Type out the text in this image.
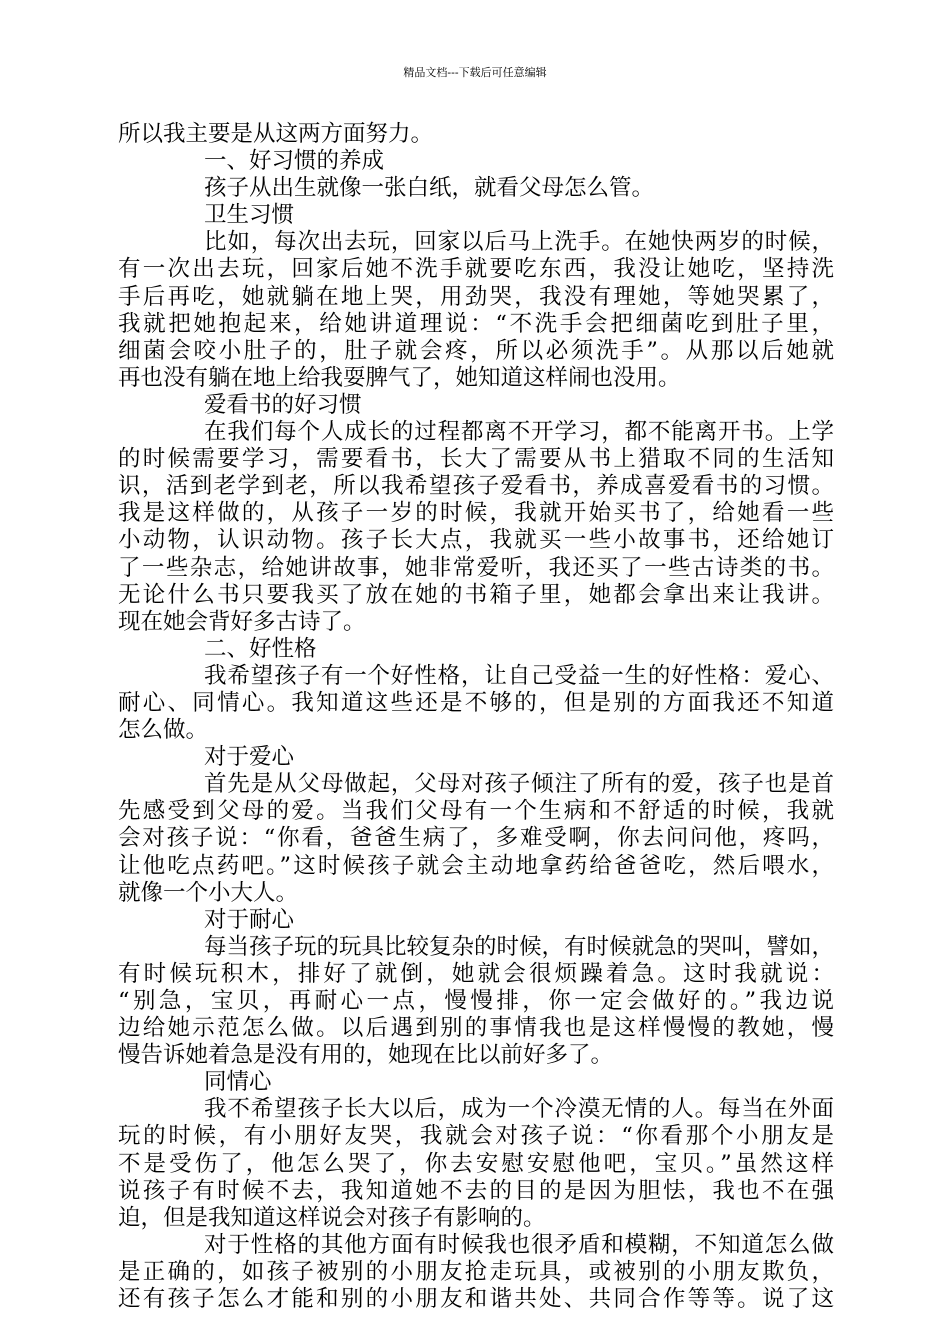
精品文档---下载后可任意编辑
所以我主要是从这两方面努力。
一、好习惯的养成
孩子从出生就像一张白纸，就看父母怎么管。
卫生习惯
比如，每次出去玩，回家以后马上洗手。在她快两岁的时候，
有一次出去玩，回家后她不洗手就要吃东西，我没让她吃，坚持洗
手后再吃，她就躺在地上哭，用劲哭，我没有理她，等她哭累了，
我就把她抱起来，给她讲道理说：“不洗手会把细菌吃到肚子里，
细菌会咬小肚子的，肚子就会疼，所以必须洗手”。从那以后她就
再也没有躺在地上给我耍脾气了，她知道这样闹也没用。
爱看书的好习惯
在我们每个人成长的过程都离不开学习，都不能离开书。上学
的时候需要学习，需要看书，长大了需要从书上猎取不同的生活知
识，活到老学到老，所以我希望孩子爱看书，养成喜爱看书的习惯。
我是这样做的，从孩子一岁的时候，我就开始买书了，给她看一些
小动物，认识动物。孩子长大点，我就买一些小故事书，还给她订
了一些杂志，给她讲故事，她非常爱听，我还买了一些古诗类的书。
无论什么书只要我买了放在她的书箱子里，她都会拿出来让我讲。
现在她会背好多古诗了。
二、好性格
我希望孩子有一个好性格，让自己受益一生的好性格：爱心、
耐心、同情心。我知道这些还是不够的，但是别的方面我还不知道
怎么做。
对于爱心
首先是从父母做起，父母对孩子倾注了所有的爱，孩子也是首
先感受到父母的爱。当我们父母有一个生病和不舒适的时候，我就
会对孩子说：“你看，爸爸生病了，多难受啊，你去问问他，疼吗，
让他吃点药吧。”这时候孩子就会主动地拿药给爸爸吃，然后喂水，
就像一个小大人。
对于耐心
每当孩子玩的玩具比较复杂的时候，有时候就急的哭叫，譬如，
有时候玩积木，排好了就倒，她就会很烦躁着急。这时我就说：
“别急，宝贝，再耐心一点，慢慢排，你一定会做好的。”我边说
边给她示范怎么做。以后遇到别的事情我也是这样慢慢的教她，慢
慢告诉她着急是没有用的，她现在比以前好多了。
同情心
我不希望孩子长大以后，成为一个冷漠无情的人。每当在外面
玩的时候，有小朋好友哭，我就会对孩子说：“你看那个小朋友是
不是受伤了，他怎么哭了，你去安慰安慰他吧，宝贝。”虽然这样
说孩子有时候不去，我知道她不去的目的是因为胆怯，我也不在强
迫，但是我知道这样说会对孩子有影响的。
对于性格的其他方面有时候我也很矛盾和模糊，不知道怎么做
是正确的，如孩子被别的小朋友抢走玩具，或被别的小朋友欺负，
还有孩子怎么才能和别的小朋友和谐共处、共同合作等等。说了这
